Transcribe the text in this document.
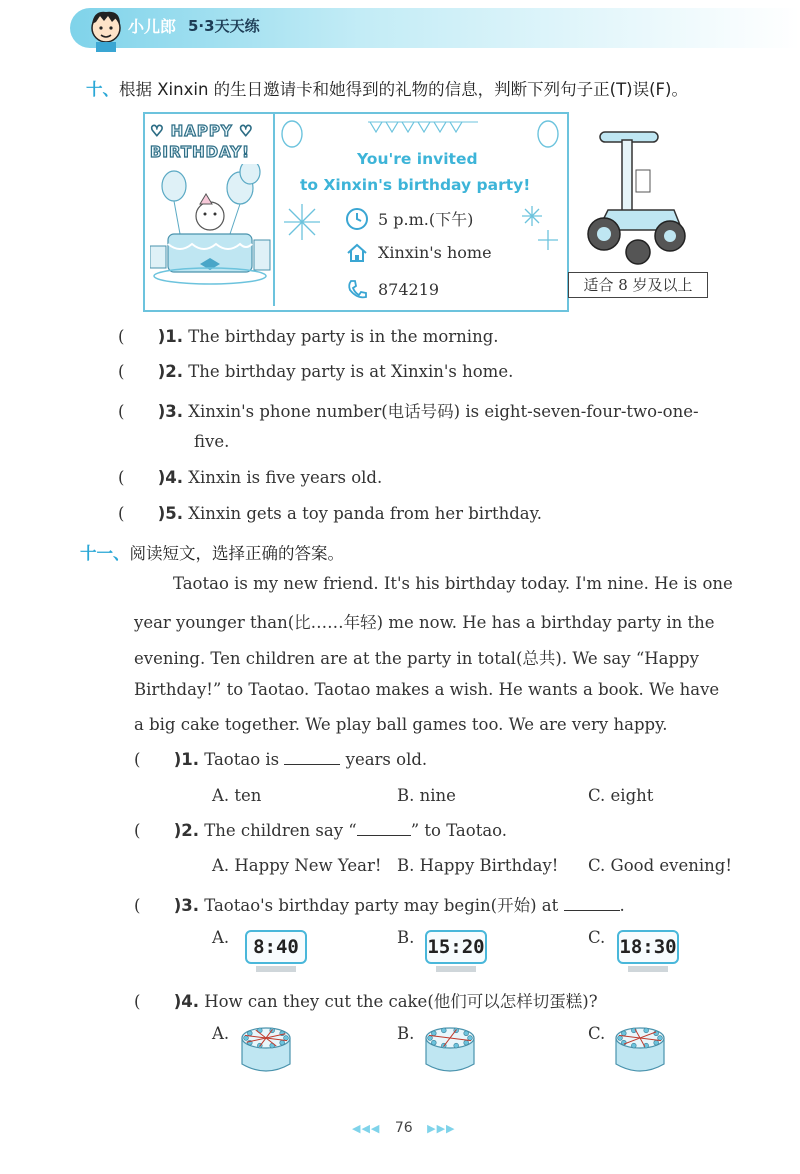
小儿郎 5·3天天练
十、根据 Xinxin 的生日邀请卡和她得到的礼物的信息，判断下列句子正(T)误(F)。
♡ HAPPY ♡
BIRTHDAY!	You're invited
to Xinxin's birthday party!
5 p.m.(下午)
Xinxin's home
874219	适合 8 岁及以上
( )1. The birthday party is in the morning.
( )2. The birthday party is at Xinxin's home.
( )3. Xinxin's phone number(电话号码) is eight-seven-four-two-one-
five.
( )4. Xinxin is five years old.
( )5. Xinxin gets a toy panda from her birthday.
十一、阅读短文，选择正确的答案。
Taotao is my new friend. It's his birthday today. I'm nine. He is one
year younger than(比……年轻) me now. He has a birthday party in the
evening. Ten children are at the party in total(总共). We say “Happy
Birthday!” to Taotao. Taotao makes a wish. He wants a book. We have
a big cake together. We play ball games too. We are very happy.
( )1. Taotao is	years old.
A. ten	B. nine	C. eight
( )2. The children say “	” to Taotao.
A. Happy New Year! B. Happy Birthday! C. Good evening!
( )3. Taotao's birthday party may begin(开始) at	.
A.	8:40	B. 15:20	C. 18:30
( )4. How can they cut the cake(他们可以怎样切蛋糕)?
A.	B.	C.
◀◀◀ 76 ▶▶▶
